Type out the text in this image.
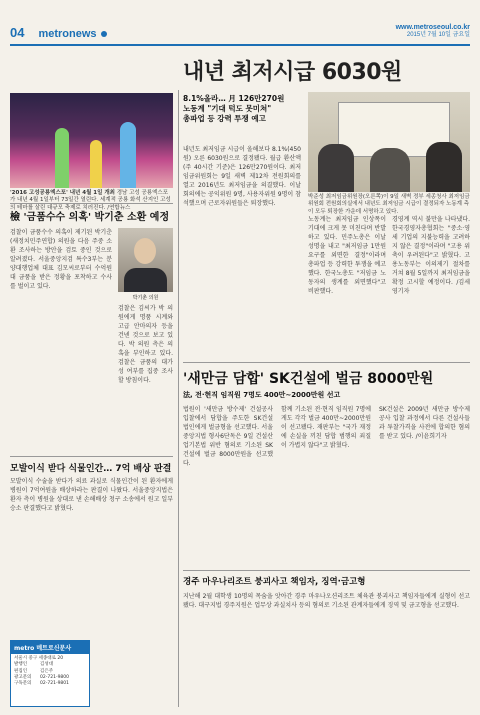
04 metronews
www.metroseoul.co.kr
2015년 7월 10일 금요일
내년 최저시급 6030원
'2016 고성공룡엑스포' 내년 4월 1일 개최 경남 고성 공룡엑스포가 내년 4월 1일부터 73일간 열린다. 세계적 공룡 화석 산지인 고성의 테마를 살린 대규모 축제로 치러진다. /연합뉴스
8.1%올라… 月 126만270원
노동계 "기대 턱도 못미쳐"
총파업 등 강력 투쟁 예고
박준성 최저임금위원장(오른쪽)이 9일 새벽 정부 세종청사 최저임금위원회 전원회의실에서 내년도 최저임금 시급이 결정되자 노동계 측이 모두 퇴장한 가운데 서명하고 있다.
내년도 최저임금 시급이 올해보다 8.1%(450원) 오른 6030원으로 결정됐다. 월급 환산액(주 40시간 기준)은 126만270원이다. 최저임금위원회는 9일 새벽 제12차 전원회의를 열고 2016년도 최저임금을 의결했다. 이날 회의에는 공익위원 9명, 사용자위원 9명이 참석했으며 근로자위원들은 퇴장했다.
노동계는 최저임금 인상폭이 기대에 크게 못 미친다며 반발하고 있다. 민주노총은 이날 성명을 내고 "최저임금 1만원 요구를 외면한 결정"이라며 총파업 등 강력한 투쟁을 예고했다. 한국노총도 "저임금 노동자의 생계를 외면했다"고 비판했다.
경영계 역시 불만을 나타냈다. 한국경영자총협회는 "중소·영세 기업의 지불능력을 고려하지 않은 결정"이라며 "고용 위축이 우려된다"고 밝혔다. 고용노동부는 이의제기 절차를 거쳐 8월 5일까지 최저임금을 확정 고시할 예정이다. /김세영기자
檢 '금품수수 의혹' 박기춘 소환 예정
검찰이 금품수수 의혹이 제기된 박기춘(새정치민주연합) 의원을 다음 주중 소환 조사하는 방안을 검토 중인 것으로 알려졌다. 서울중앙지검 특수3부는 분양대행업체 대표 김모씨로부터 수억원대 금품을 받은 정황을 포착하고 수사를 벌이고 있다.
박기춘 의원
검찰은 김씨가 박 의원에게 명품 시계와 고급 안마의자 등을 건넨 것으로 보고 있다. 박 의원 측은 의혹을 부인하고 있다. 검찰은 금품의 대가성 여부를 집중 조사할 방침이다.	'새만금 담합' SK건설에 벌금 8000만원
法, 전·현직 임직원 7명도 400만~2000만원 선고
법원이 '새만금 방수제' 건설공사 입찰에서 담합을 주도한 SK건설 법인에게 벌금형을 선고했다. 서울중앙지법 형사6단독은 9일 건설산업기본법 위반 혐의로 기소된 SK건설에 벌금 8000만원을 선고했다.
함께 기소된 전·현직 임직원 7명에게도 각각 벌금 400만~2000만원이 선고됐다. 재판부는 "국가 재정에 손실을 끼친 담합 범행의 죄질이 가볍지 않다"고 밝혔다.
SK건설은 2009년 새만금 방수제 공사 입찰 과정에서 다른 건설사들과 투찰가격을 사전에 합의한 혐의를 받고 있다. /이윤희기자
모발이식 받다 식물인간… 7억 배상 판결
모발이식 수술을 받다가 의료 과실로 식물인간이 된 환자에게 병원이 7억여원을 배상하라는 판결이 나왔다. 서울중앙지법은 환자 측이 병원을 상대로 낸 손해배상 청구 소송에서 원고 일부 승소 판결했다고 밝혔다.
경주 마우나리조트 붕괴사고 책임자, 징역·금고형
지난해 2월 대학생 10명의 목숨을 앗아간 경주 마우나오션리조트 체육관 붕괴사고 책임자들에게 실형이 선고됐다. 대구지법 경주지원은 업무상 과실치사 등의 혐의로 기소된 관계자들에게 징역 및 금고형을 선고했다.
metro 메트로신문사
서울시 중구 세종대로 20
발행인	김성대
편집인	김은주
광고문의	02-721-9800
구독문의	02-721-9801
